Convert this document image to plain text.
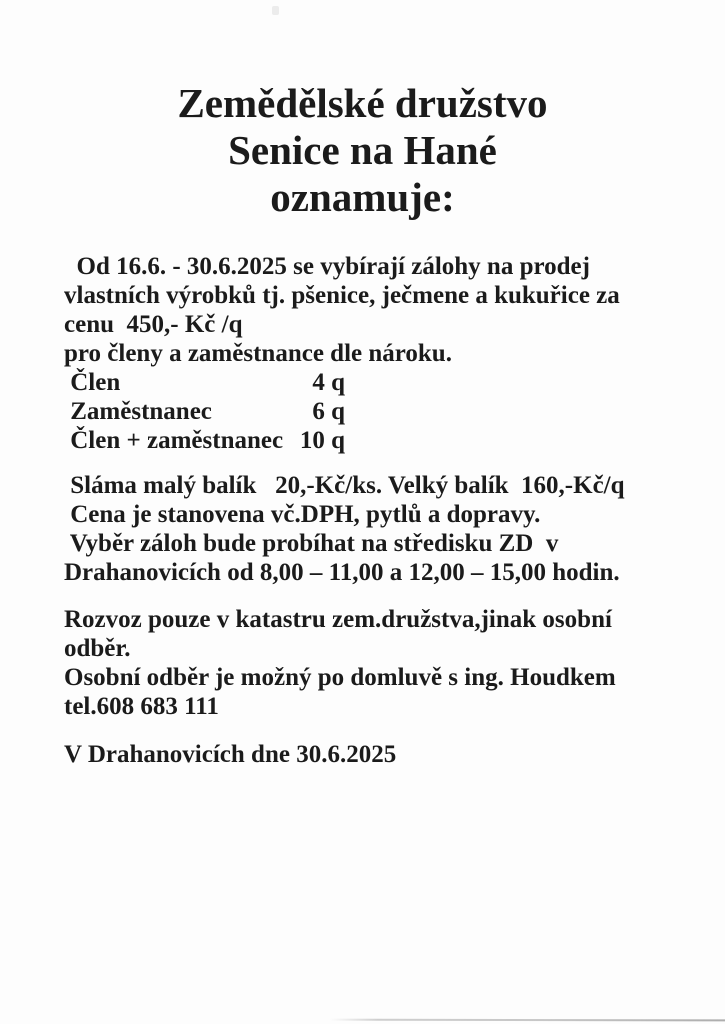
Zemědělské družstvo
Senice na Hané
oznamuje:

Od 16.6. - 30.6.2025 se vybírají zálohy na prodej
vlastních výrobků tj. pšenice, ječmene a kukuřice za
cenu  450,- Kč /q
pro členy a zaměstnance dle nároku.

Člen	4 q
Zaměstnanec	6 q
Člen + zaměstnanec 10 q

Sláma malý balík   20,-Kč/ks. Velký balík  160,-Kč/q
Cena je stanovena vč.DPH, pytlů a dopravy.
Vyběr záloh bude probíhat na středisku ZD  v
Drahanovicích od 8,00 – 11,00 a 12,00 – 15,00 hodin.

Rozvoz pouze v katastru zem.družstva,jinak osobní
odběr.
Osobní odběr je možný po domluvě s ing. Houdkem
tel.608 683 111

V Drahanovicích dne 30.6.2025
